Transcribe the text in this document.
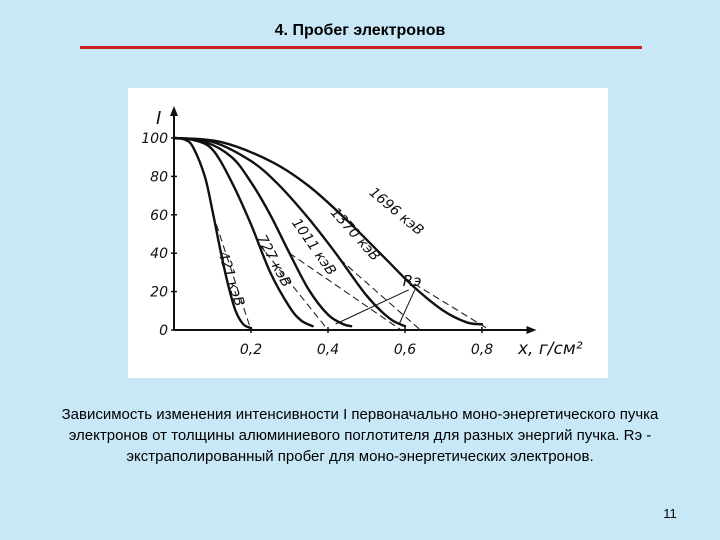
4. Пробег электронов
0
20
40
60
80
100
0,2	0,4	0,6	0,8
I
x, г/см²
421 кэВ 727 кэВ
1011 кэВ
1370 кэВ
1696 кэВ
Rэ
Зависимость изменения интенсивности I первоначально моно-энергетического пучка электронов от толщины алюминиевого поглотителя для разных энергий пучка. Rэ - экстраполированный пробег для моно-энергетических электронов.
11
